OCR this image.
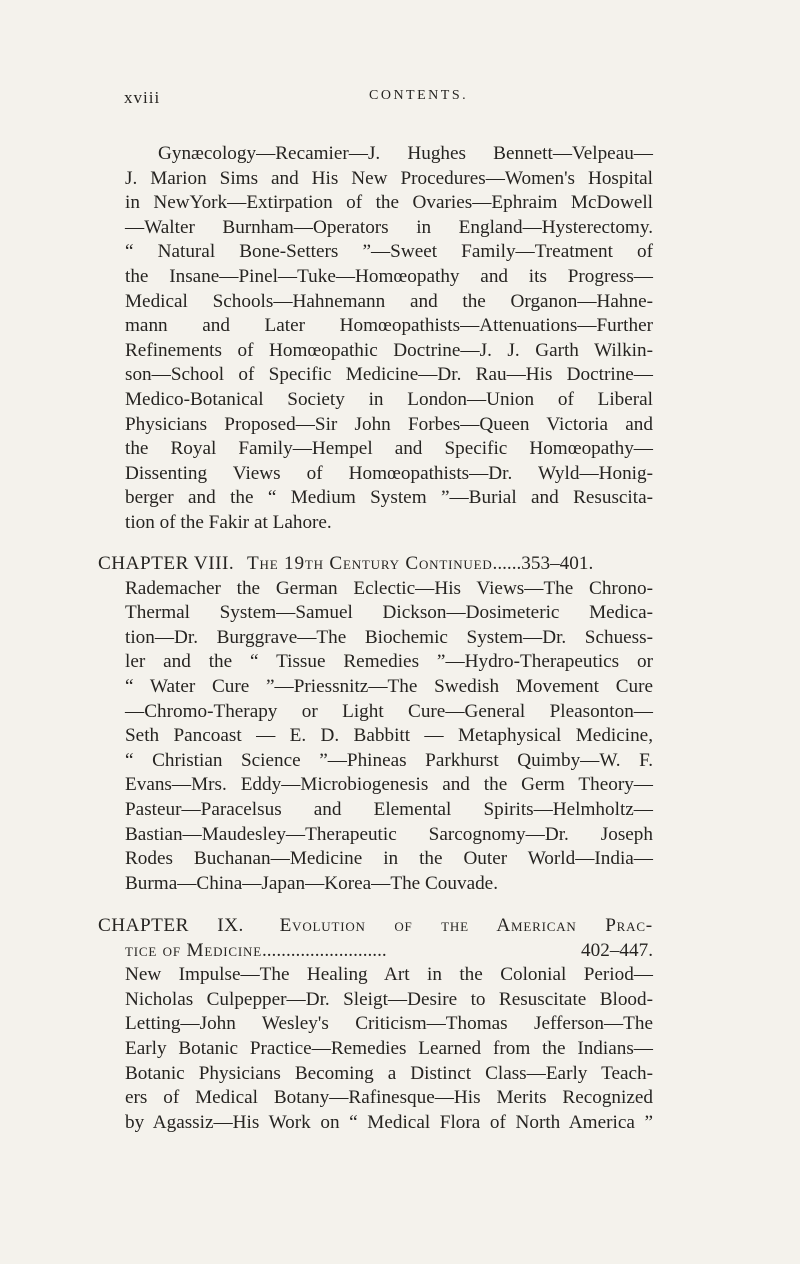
xviii	CONTENTS.
Gynæcology—Recamier—J. Hughes Bennett—Velpeau—
J. Marion Sims and His New Procedures—Women's Hospital
in NewYork—Extirpation of the Ovaries—Ephraim McDowell
—Walter Burnham—Operators in England—Hysterectomy.
“ Natural Bone-Setters ”—Sweet Family—Treatment of
the Insane—Pinel—Tuke—Homœopathy and its Progress—
Medical Schools—Hahnemann and the Organon—Hahne-
mann and Later Homœopathists—Attenuations—Further
Refinements of Homœopathic Doctrine—J. J. Garth Wilkin-
son—School of Specific Medicine—Dr. Rau—His Doctrine—
Medico-Botanical Society in London—Union of Liberal
Physicians Proposed—Sir John Forbes—Queen Victoria and
the Royal Family—Hempel and Specific Homœopathy—
Dissenting Views of Homœopathists—Dr. Wyld—Honig-
berger and the “ Medium System ”—Burial and Resuscita-
tion of the Fakir at Lahore.
CHAPTER VIII. The 19th Century Continued......353–401.
Rademacher the German Eclectic—His Views—The Chrono-
Thermal System—Samuel Dickson—Dosimeteric Medica-
tion—Dr. Burggrave—The Biochemic System—Dr. Schuess-
ler and the “ Tissue Remedies ”—Hydro-Therapeutics or
“ Water Cure ”—Priessnitz—The Swedish Movement Cure
—Chromo-Therapy or Light Cure—General Pleasonton—
Seth Pancoast — E. D. Babbitt — Metaphysical Medicine,
“ Christian Science ”—Phineas Parkhurst Quimby—W. F.
Evans—Mrs. Eddy—Microbiogenesis and the Germ Theory—
Pasteur—Paracelsus and Elemental Spirits—Helmholtz—
Bastian—Maudesley—Therapeutic Sarcognomy—Dr. Joseph
Rodes Buchanan—Medicine in the Outer World—India—
Burma—China—Japan—Korea—The Couvade.
CHAPTER IX. Evolution of the American Prac-
tice of Medicine ..........................	402–447.
New Impulse—The Healing Art in the Colonial Period—
Nicholas Culpepper—Dr. Sleigt—Desire to Resuscitate Blood-
Letting—John Wesley's Criticism—Thomas Jefferson—The
Early Botanic Practice—Remedies Learned from the Indians—
Botanic Physicians Becoming a Distinct Class—Early Teach-
ers of Medical Botany—Rafinesque—His Merits Recognized
by Agassiz—His Work on “ Medical Flora of North America ”
